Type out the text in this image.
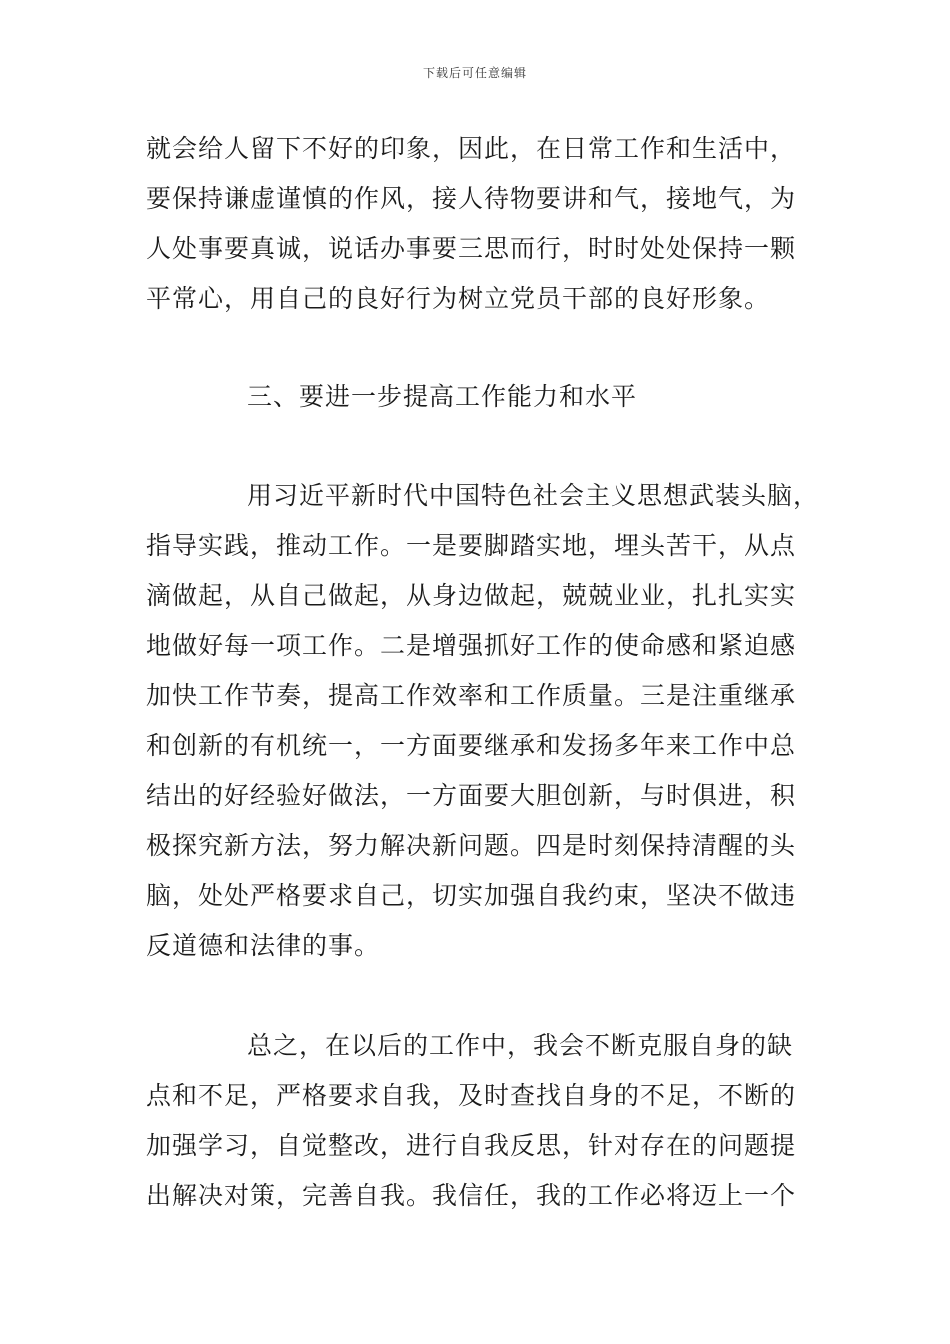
下载后可任意编辑
就会给人留下不好的印象，因此，在日常工作和生活中，
要保持谦虚谨慎的作风，接人待物要讲和气，接地气，为
人处事要真诚，说话办事要三思而行，时时处处保持一颗
平常心，用自己的良好行为树立党员干部的良好形象。
三、要进一步提高工作能力和水平
用习近平新时代中国特色社会主义思想武装头脑，
指导实践，推动工作。一是要脚踏实地，埋头苦干，从点
滴做起，从自己做起，从身边做起，兢兢业业，扎扎实实
地做好每一项工作。二是增强抓好工作的使命感和紧迫感
加快工作节奏，提高工作效率和工作质量。三是注重继承
和创新的有机统一，一方面要继承和发扬多年来工作中总
结出的好经验好做法，一方面要大胆创新，与时俱进，积
极探究新方法，努力解决新问题。四是时刻保持清醒的头
脑，处处严格要求自己，切实加强自我约束，坚决不做违
反道德和法律的事。
总之，在以后的工作中，我会不断克服自身的缺
点和不足，严格要求自我，及时查找自身的不足，不断的
加强学习，自觉整改，进行自我反思，针对存在的问题提
出解决对策，完善自我。我信任，我的工作必将迈上一个
